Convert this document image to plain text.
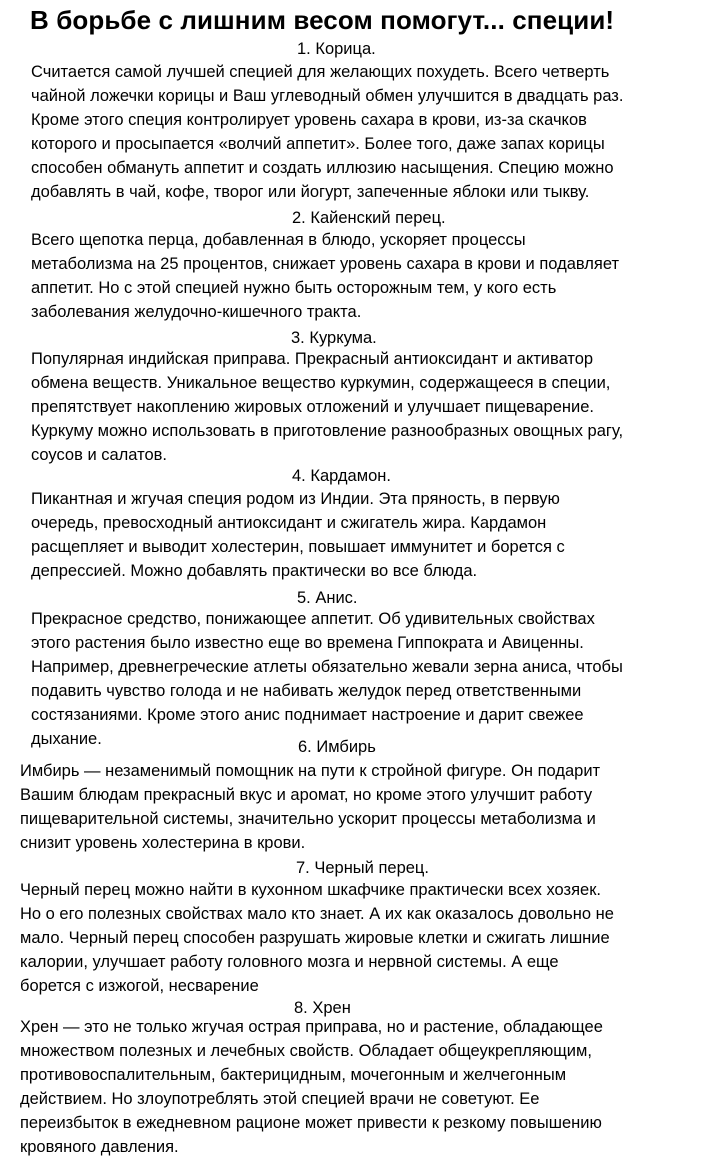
В борьбе с лишним весом помогут... специи!
1. Корица.
Считается самой лучшей специей для желающих похудеть. Всего четверть
чайной ложечки корицы и Ваш углеводный обмен улучшится в двадцать раз.
Кроме этого специя контролирует уровень сахара в крови, из-за скачков
которого и просыпается «волчий аппетит». Более того, даже запах корицы
способен обмануть аппетит и создать иллюзию насыщения. Специю можно
добавлять в чай, кофе, творог или йогурт, запеченные яблоки или тыкву.
2. Кайенский перец.
Всего щепотка перца, добавленная в блюдо, ускоряет процессы
метаболизма на 25 процентов, снижает уровень сахара в крови и подавляет
аппетит. Но с этой специей нужно быть осторожным тем, у кого есть
заболевания желудочно-кишечного тракта.
3. Куркума.
Популярная индийская приправа. Прекрасный антиоксидант и активатор
обмена веществ. Уникальное вещество куркумин, содержащееся в специи,
препятствует накоплению жировых отложений и улучшает пищеварение.
Куркуму можно использовать в приготовление разнообразных овощных рагу,
соусов и салатов.
4. Кардамон.
Пикантная и жгучая специя родом из Индии. Эта пряность, в первую
очередь, превосходный антиоксидант и сжигатель жира. Кардамон
расщепляет и выводит холестерин, повышает иммунитет и борется с
депрессией. Можно добавлять практически во все блюда.
5. Анис.
Прекрасное средство, понижающее аппетит. Об удивительных свойствах
этого растения было известно еще во времена Гиппократа и Авиценны.
Например, древнегреческие атлеты обязательно жевали зерна аниса, чтобы
подавить чувство голода и не набивать желудок перед ответственными
состязаниями. Кроме этого анис поднимает настроение и дарит свежее
дыхание.	6. Имбирь
Имбирь — незаменимый помощник на пути к стройной фигуре. Он подарит
Вашим блюдам прекрасный вкус и аромат, но кроме этого улучшит работу
пищеварительной системы, значительно ускорит процессы метаболизма и
снизит уровень холестерина в крови.
7. Черный перец.
Черный перец можно найти в кухонном шкафчике практически всех хозяек.
Но о его полезных свойствах мало кто знает. А их как оказалось довольно не
мало. Черный перец способен разрушать жировые клетки и сжигать лишние
калории, улучшает работу головного мозга и нервной системы. А еще
борется с изжогой, несварение
8. Хрен
Хрен — это не только жгучая острая приправа, но и растение, обладающее
множеством полезных и лечебных свойств. Обладает общеукрепляющим,
противовоспалительным, бактерицидным, мочегонным и желчегонным
действием. Но злоупотреблять этой специей врачи не советуют. Ее
переизбыток в ежедневном рационе может привести к резкому повышению
кровяного давления.
